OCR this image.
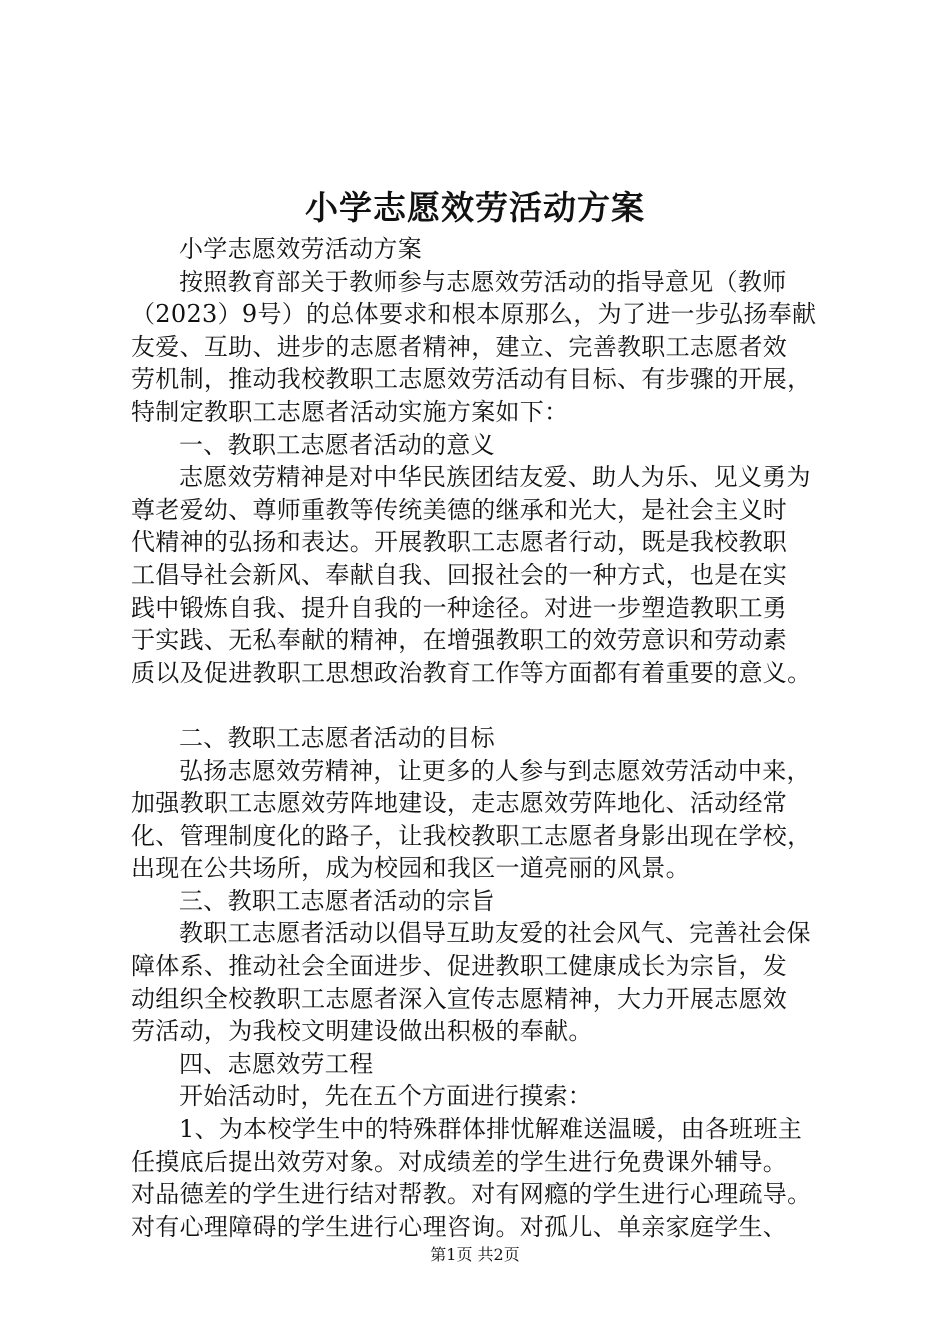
小学志愿效劳活动方案

小学志愿效劳活动方案

按照教育部关于教师参与志愿效劳活动的指导意见（教师

（2023）9号）的总体要求和根本原那么，为了进一步弘扬奉献

友爱、互助、进步的志愿者精神，建立、完善教职工志愿者效

劳机制，推动我校教职工志愿效劳活动有目标、有步骤的开展，

特制定教职工志愿者活动实施方案如下：

一、教职工志愿者活动的意义

志愿效劳精神是对中华民族团结友爱、助人为乐、见义勇为

尊老爱幼、尊师重教等传统美德的继承和光大，是社会主义时

代精神的弘扬和表达。开展教职工志愿者行动，既是我校教职

工倡导社会新风、奉献自我、回报社会的一种方式，也是在实

践中锻炼自我、提升自我的一种途径。对进一步塑造教职工勇

于实践、无私奉献的精神，在增强教职工的效劳意识和劳动素

质以及促进教职工思想政治教育工作等方面都有着重要的意义。

二、教职工志愿者活动的目标

弘扬志愿效劳精神，让更多的人参与到志愿效劳活动中来，

加强教职工志愿效劳阵地建设，走志愿效劳阵地化、活动经常

化、管理制度化的路子，让我校教职工志愿者身影出现在学校，

出现在公共场所，成为校园和我区一道亮丽的风景。

三、教职工志愿者活动的宗旨

教职工志愿者活动以倡导互助友爱的社会风气、完善社会保

障体系、推动社会全面进步、促进教职工健康成长为宗旨，发

动组织全校教职工志愿者深入宣传志愿精神，大力开展志愿效

劳活动，为我校文明建设做出积极的奉献。

四、志愿效劳工程

开始活动时，先在五个方面进行摸索：

1、为本校学生中的特殊群体排忧解难送温暖，由各班班主

任摸底后提出效劳对象。对成绩差的学生进行免费课外辅导。

对品德差的学生进行结对帮教。对有网瘾的学生进行心理疏导。

对有心理障碍的学生进行心理咨询。对孤儿、单亲家庭学生、

第1页 共2页
